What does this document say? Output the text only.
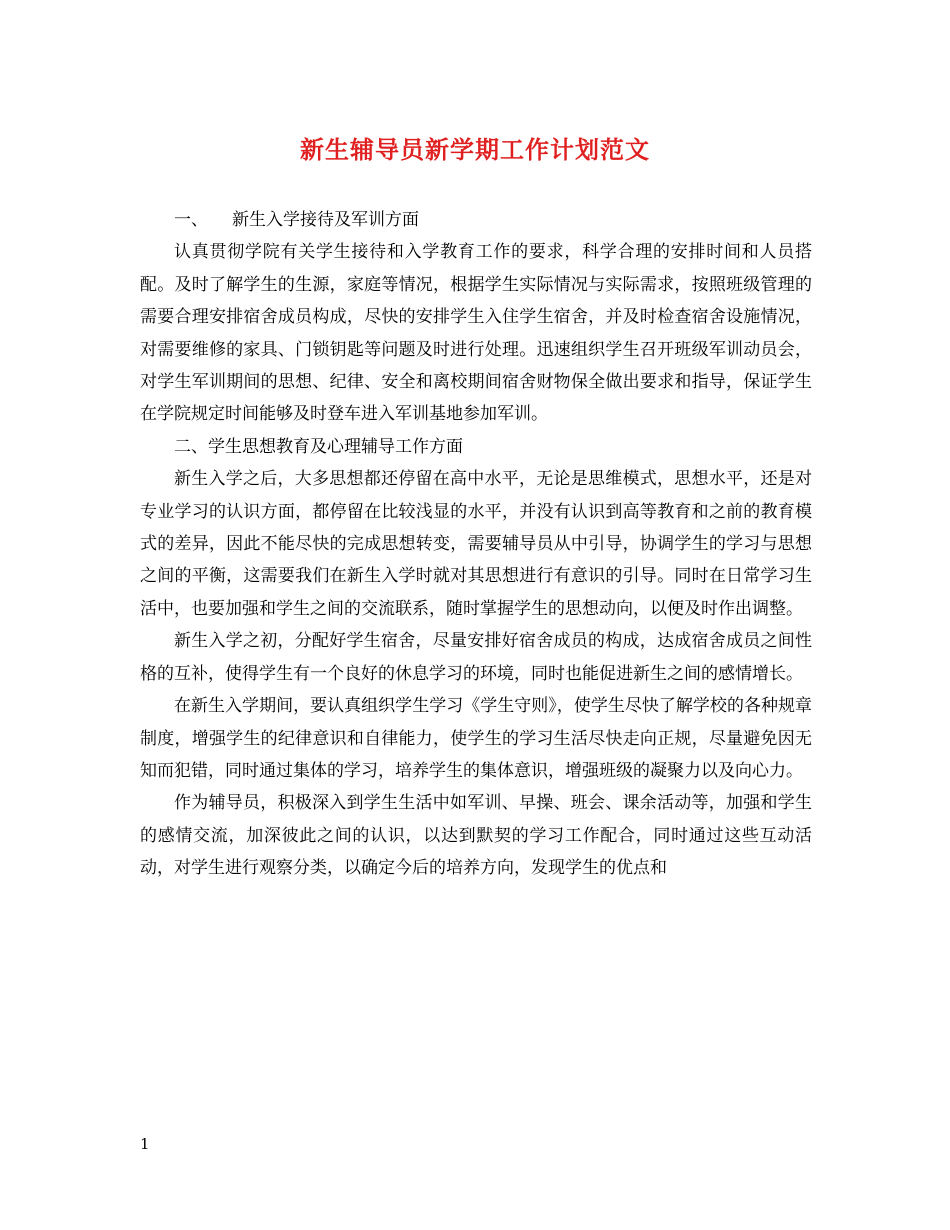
新生辅导员新学期工作计划范文

一、 新生入学接待及军训方面

认真贯彻学院有关学生接待和入学教育工作的要求，科学合理的安排时间和人员搭配。及时了解学生的生源，家庭等情况，根据学生实际情况与实际需求，按照班级管理的需要合理安排宿舍成员构成，尽快的安排学生入住学生宿舍，并及时检查宿舍设施情况，对需要维修的家具、门锁钥匙等问题及时进行处理。迅速组织学生召开班级军训动员会，对学生军训期间的思想、纪律、安全和离校期间宿舍财物保全做出要求和指导，保证学生在学院规定时间能够及时登车进入军训基地参加军训。

二、学生思想教育及心理辅导工作方面

新生入学之后，大多思想都还停留在高中水平，无论是思维模式，思想水平，还是对专业学习的认识方面，都停留在比较浅显的水平，并没有认识到高等教育和之前的教育模式的差异，因此不能尽快的完成思想转变，需要辅导员从中引导，协调学生的学习与思想之间的平衡，这需要我们在新生入学时就对其思想进行有意识的引导。同时在日常学习生活中，也要加强和学生之间的交流联系，随时掌握学生的思想动向，以便及时作出调整。

新生入学之初，分配好学生宿舍，尽量安排好宿舍成员的构成，达成宿舍成员之间性格的互补，使得学生有一个良好的休息学习的环境，同时也能促进新生之间的感情增长。

在新生入学期间，要认真组织学生学习《学生守则》，使学生尽快了解学校的各种规章制度，增强学生的纪律意识和自律能力，使学生的学习生活尽快走向正规，尽量避免因无知而犯错，同时通过集体的学习，培养学生的集体意识，增强班级的凝聚力以及向心力。

作为辅导员，积极深入到学生生活中如军训、早操、班会、课余活动等，加强和学生的感情交流，加深彼此之间的认识，以达到默契的学习工作配合，同时通过这些互动活动，对学生进行观察分类，以确定今后的培养方向，发现学生的优点和

1
